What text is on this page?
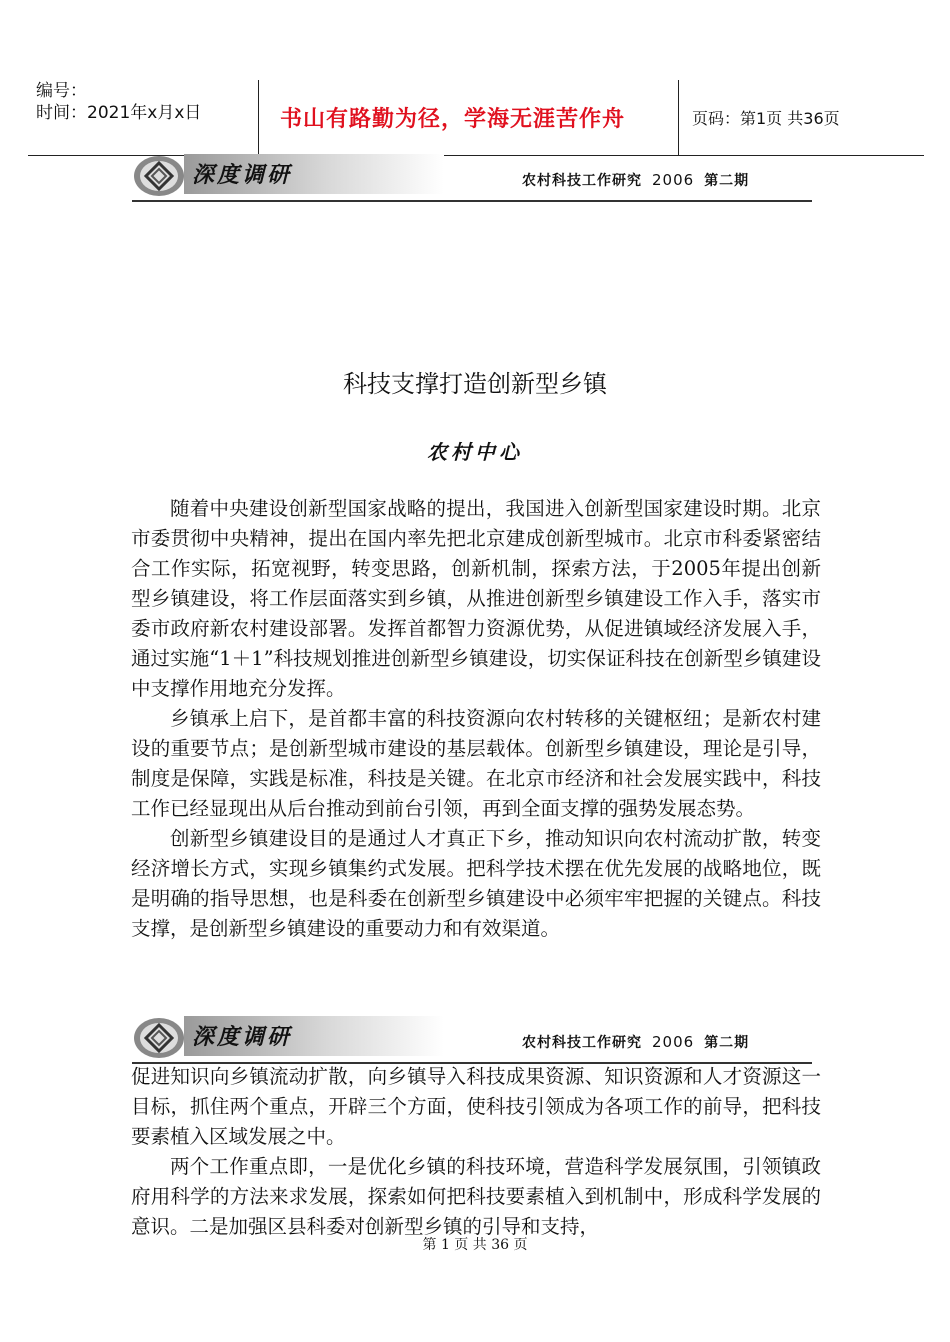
编号：
时间：2021年x月x日	书山有路勤为径，学海无涯苦作舟	页码：第1页 共36页
深度调研	农村科技工作研究 2006 第二期
科技支撑打造创新型乡镇
农村中心

随着中央建设创新型国家战略的提出，我国进入创新型国家建设时期。北京市委贯彻中央精神，提出在国内率先把北京建成创新型城市。北京市科委紧密结合工作实际，拓宽视野，转变思路，创新机制，探索方法，于2005年提出创新型乡镇建设，将工作层面落实到乡镇，从推进创新型乡镇建设工作入手，落实市委市政府新农村建设部署。发挥首都智力资源优势，从促进镇域经济发展入手，通过实施“1＋1”科技规划推进创新型乡镇建设，切实保证科技在创新型乡镇建设中支撑作用地充分发挥。

乡镇承上启下，是首都丰富的科技资源向农村转移的关键枢纽；是新农村建设的重要节点；是创新型城市建设的基层载体。创新型乡镇建设，理论是引导，制度是保障，实践是标准，科技是关键。在北京市经济和社会发展实践中，科技工作已经显现出从后台推动到前台引领，再到全面支撑的强势发展态势。

创新型乡镇建设目的是通过人才真正下乡，推动知识向农村流动扩散，转变经济增长方式，实现乡镇集约式发展。把科学技术摆在优先发展的战略地位，既是明确的指导思想，也是科委在创新型乡镇建设中必须牢牢把握的关键点。科技支撑，是创新型乡镇建设的重要动力和有效渠道。

深度调研	农村科技工作研究 2006 第二期

促进知识向乡镇流动扩散，向乡镇导入科技成果资源、知识资源和人才资源这一目标，抓住两个重点，开辟三个方面，使科技引领成为各项工作的前导，把科技要素植入区域发展之中。

两个工作重点即，一是优化乡镇的科技环境，营造科学发展氛围，引领镇政府用科学的方法来求发展，探索如何把科技要素植入到机制中，形成科学发展的意识。二是加强区县科委对创新型乡镇的引导和支持，

第 1 页 共 36 页
